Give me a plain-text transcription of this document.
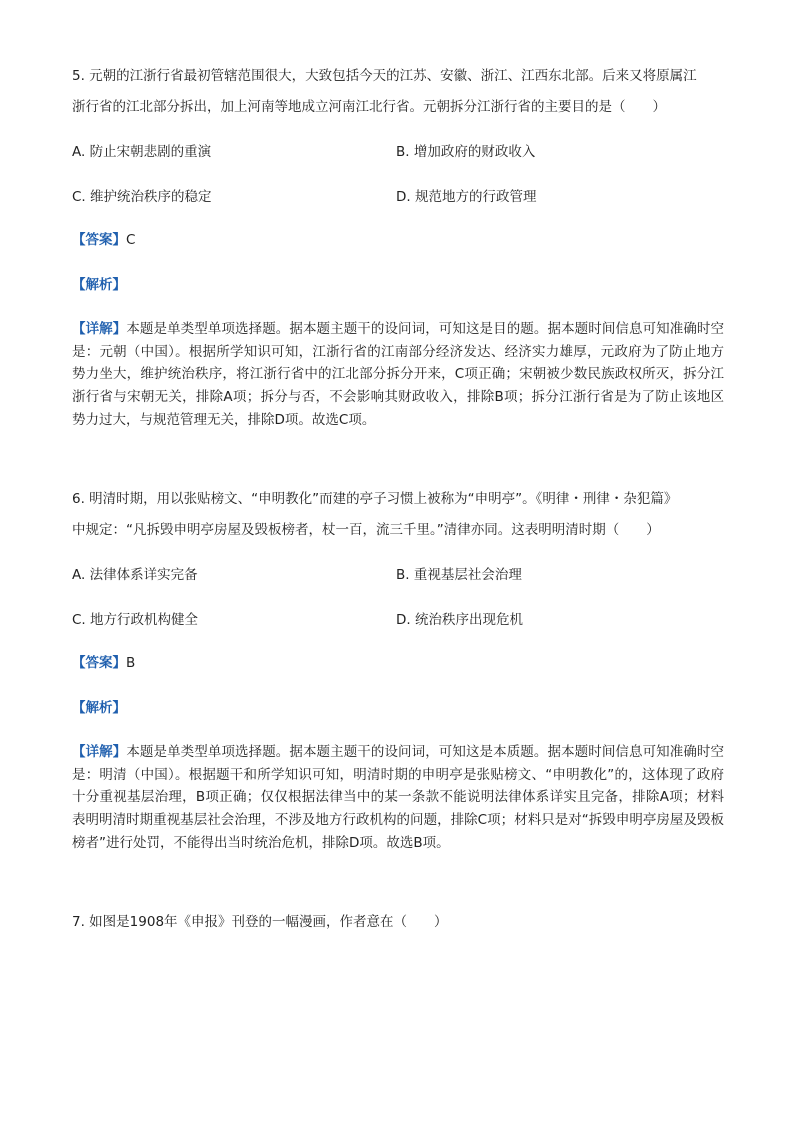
5. 元朝的江浙行省最初管辖范围很大，大致包括今天的江苏、安徽、浙江、江西东北部。后来又将原属江
浙行省的江北部分拆出，加上河南等地成立河南江北行省。元朝拆分江浙行省的主要目的是（　　）
A. 防止宋朝悲剧的重演	B. 增加政府的财政收入
C. 维护统治秩序的稳定	D. 规范地方的行政管理
【答案】C
【解析】
【详解】本题是单类型单项选择题。据本题主题干的设问词，可知这是目的题。据本题时间信息可知准确时空是：元朝（中国）。根据所学知识可知，江浙行省的江南部分经济发达、经济实力雄厚，元政府为了防止地方势力坐大，维护统治秩序，将江浙行省中的江北部分拆分开来，C项正确；宋朝被少数民族政权所灭，拆分江浙行省与宋朝无关，排除A项；拆分与否，不会影响其财政收入，排除B项；拆分江浙行省是为了防止该地区势力过大，与规范管理无关，排除D项。故选C项。
6. 明清时期，用以张贴榜文、“申明教化”而建的亭子习惯上被称为“申明亭”。《明律・刑律・杂犯篇》
中规定：“凡拆毁申明亭房屋及毁板榜者，杖一百，流三千里。”清律亦同。这表明明清时期（　　）
A. 法律体系详实完备	B. 重视基层社会治理
C. 地方行政机构健全	D. 统治秩序出现危机
【答案】B
【解析】
【详解】本题是单类型单项选择题。据本题主题干的设问词，可知这是本质题。据本题时间信息可知准确时空是：明清（中国）。根据题干和所学知识可知，明清时期的申明亭是张贴榜文、“申明教化”的，这体现了政府十分重视基层治理，B项正确；仅仅根据法律当中的某一条款不能说明法律体系详实且完备，排除A项；材料表明明清时期重视基层社会治理，不涉及地方行政机构的问题，排除C项；材料只是对“拆毁申明亭房屋及毁板榜者”进行处罚，不能得出当时统治危机，排除D项。故选B项。
7. 如图是1908年《申报》刊登的一幅漫画，作者意在（　　）
